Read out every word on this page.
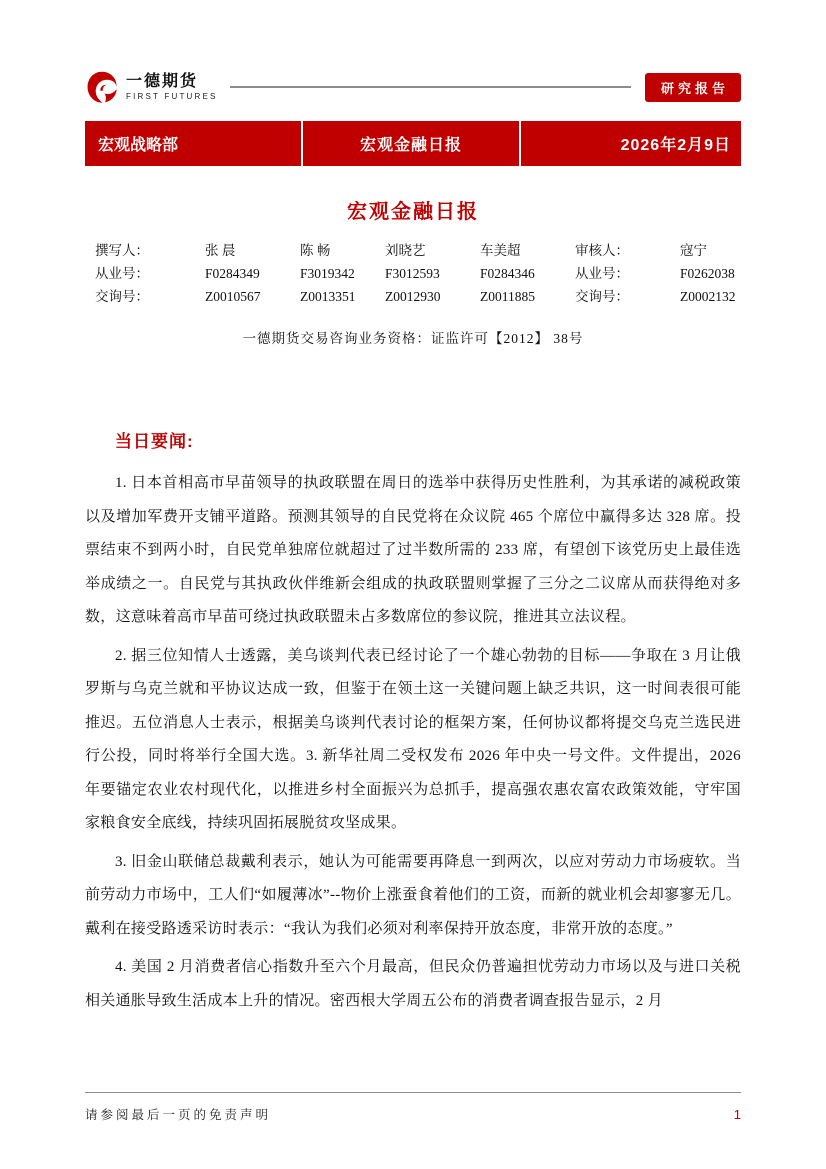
一德期货
FIRST FUTURES
研究报告
宏观战略部	宏观金融日报	2026年2月9日
宏观金融日报
撰写人：	张 晨	陈 畅	刘晓艺	车美超	审核人：	寇宁
从业号：	F0284349	F3019342	F3012593	F0284346	从业号：	F0262038
交询号：	Z0010567	Z0013351	Z0012930	Z0011885	交询号：	Z0002132
一德期货交易咨询业务资格：证监许可【2012】 38号
当日要闻:

1. 日本首相高市早苗领导的执政联盟在周日的选举中获得历史性胜利，为其承诺的减税政策以及增加军费开支铺平道路。预测其领导的自民党将在众议院 465 个席位中赢得多达 328 席。投票结束不到两小时，自民党单独席位就超过了过半数所需的 233 席，有望创下该党历史上最佳选举成绩之一。自民党与其执政伙伴维新会组成的执政联盟则掌握了三分之二议席从而获得绝对多数，这意味着高市早苗可绕过执政联盟未占多数席位的参议院，推进其立法议程。

2. 据三位知情人士透露，美乌谈判代表已经讨论了一个雄心勃勃的目标——争取在 3 月让俄罗斯与乌克兰就和平协议达成一致，但鉴于在领土这一关键问题上缺乏共识，这一时间表很可能推迟。五位消息人士表示，根据美乌谈判代表讨论的框架方案，任何协议都将提交乌克兰选民进行公投，同时将举行全国大选。3. 新华社周二受权发布 2026 年中央一号文件。文件提出，2026 年要锚定农业农村现代化，以推进乡村全面振兴为总抓手，提高强农惠农富农政策效能，守牢国家粮食安全底线，持续巩固拓展脱贫攻坚成果。

3. 旧金山联储总裁戴利表示，她认为可能需要再降息一到两次，以应对劳动力市场疲软。当前劳动力市场中，工人们“如履薄冰”--物价上涨蚕食着他们的工资，而新的就业机会却寥寥无几。戴利在接受路透采访时表示：“我认为我们必须对利率保持开放态度，非常开放的态度。”

4. 美国 2 月消费者信心指数升至六个月最高，但民众仍普遍担忧劳动力市场以及与进口关税相关通胀导致生活成本上升的情况。密西根大学周五公布的消费者调查报告显示，2 月

请参阅最后一页的免责声明	1
